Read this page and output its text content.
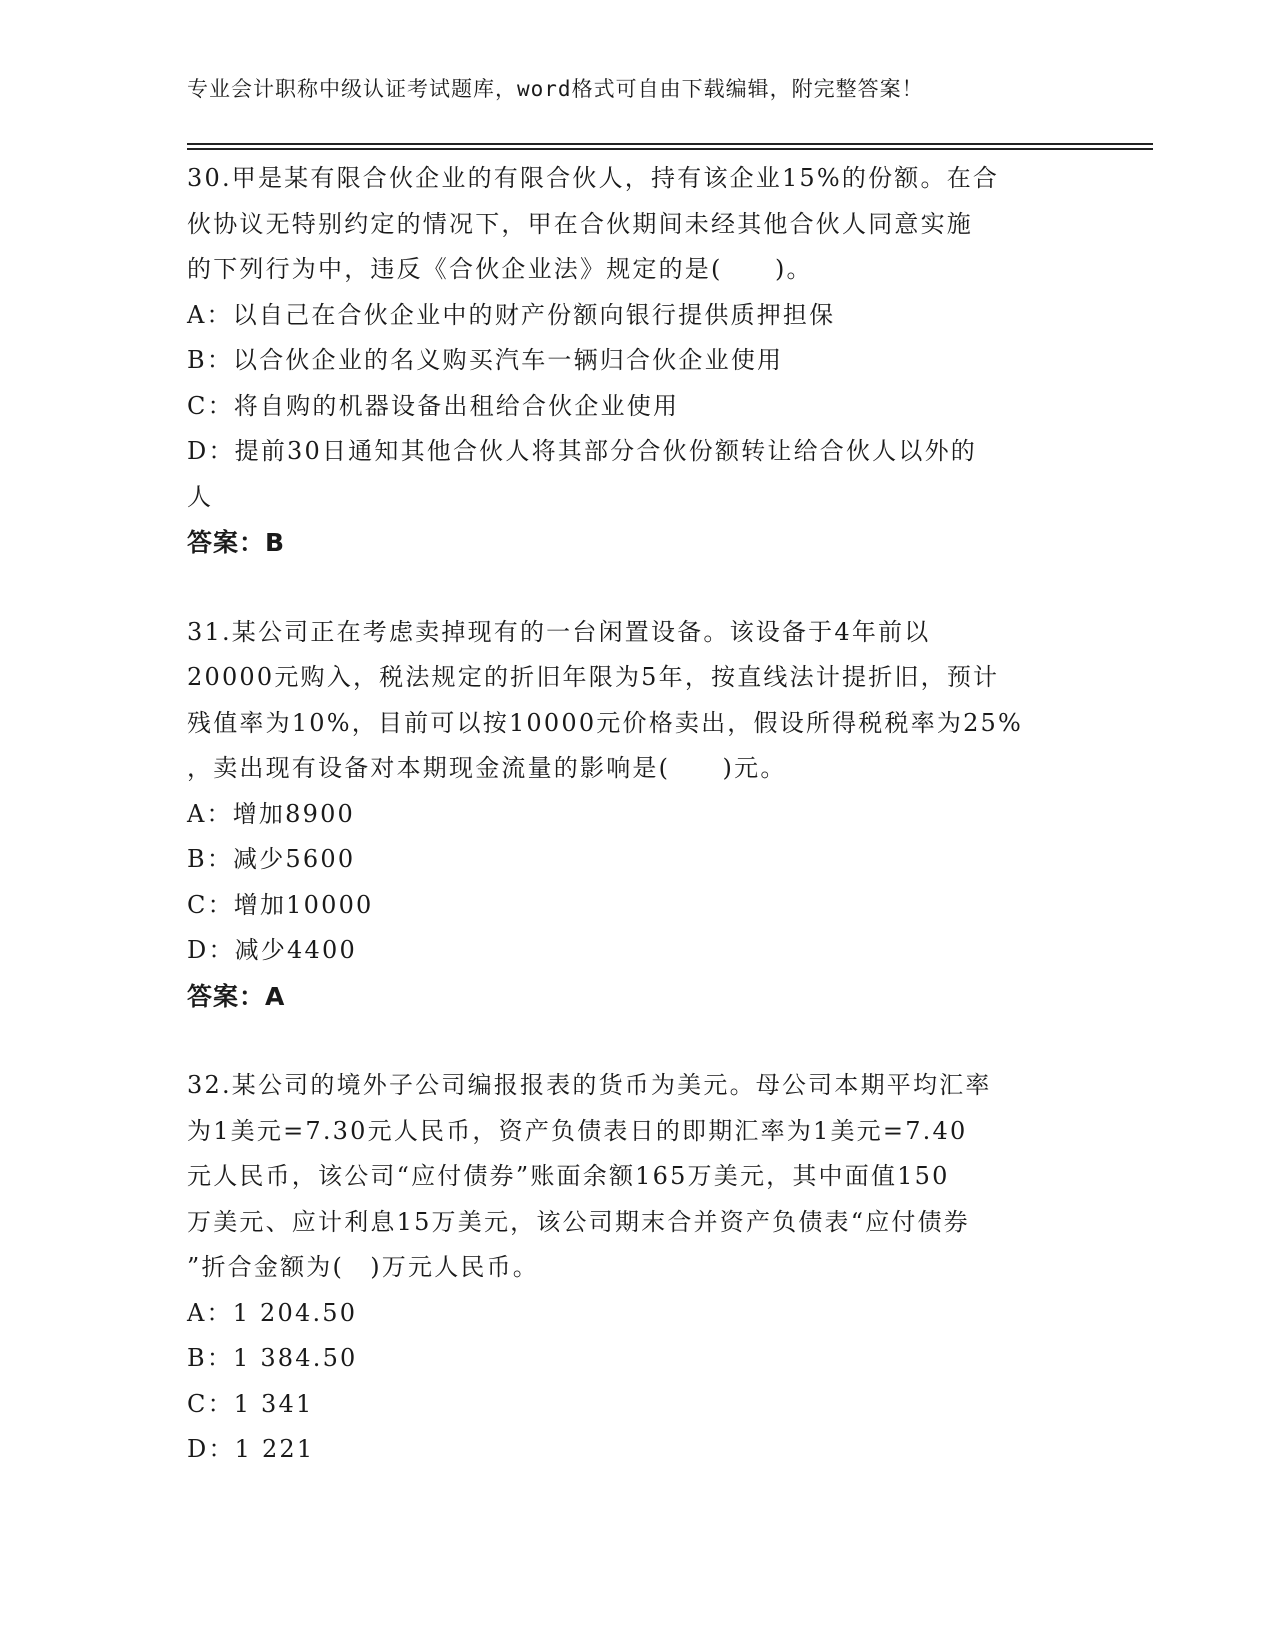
专业会计职称中级认证考试题库，word格式可自由下载编辑，附完整答案！
30.甲是某有限合伙企业的有限合伙人，持有该企业15%的份额。在合
伙协议无特别约定的情况下，甲在合伙期间未经其他合伙人同意实施
的下列行为中，违反《合伙企业法》规定的是(　　)。
A：以自己在合伙企业中的财产份额向银行提供质押担保
B：以合伙企业的名义购买汽车一辆归合伙企业使用
C：将自购的机器设备出租给合伙企业使用
D：提前30日通知其他合伙人将其部分合伙份额转让给合伙人以外的
人
答案：B
31.某公司正在考虑卖掉现有的一台闲置设备。该设备于4年前以
20000元购入，税法规定的折旧年限为5年，按直线法计提折旧，预计
残值率为10%，目前可以按10000元价格卖出，假设所得税税率为25%
，卖出现有设备对本期现金流量的影响是(　　)元。
A：增加8900
B：减少5600
C：增加10000
D：减少4400
答案：A
32.某公司的境外子公司编报报表的货币为美元。母公司本期平均汇率
为1美元=7.30元人民币，资产负债表日的即期汇率为1美元=7.40
元人民币，该公司“应付债券”账面余额165万美元，其中面值150
万美元、应计利息15万美元，该公司期末合并资产负债表“应付债券
”折合金额为(　)万元人民币。
A：1 204.50
B：1 384.50
C：1 341
D：1 221
